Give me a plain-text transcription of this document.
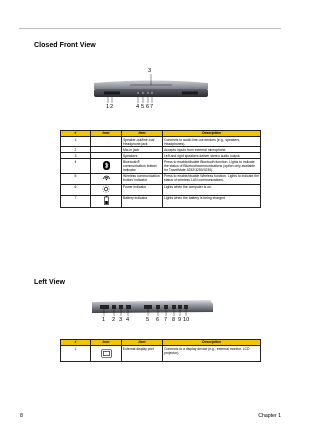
Closed Front View
3
1 2	4 5 6 7
#	Icon	Item	Description
1		Speaker-out/line-out/ Headphone jack	Connects to audio line-out devices (e.g., speakers, Headphones).
2		Mic-in jack	Accepts inputs from external microphone.
3		Speakers	Left and right speakers deliver stereo audio output.
4		Bluetooth® communication button/ indicator	Press to enable/disable Bluetooth function. Lights to indicate the status of Bluetoothcommunications (option only available for TravelMate 3252/3250/3230).
5		Wireless communication button/ indicator	Press to enable/disable Wireless function. Lights to indicate the status of wireless LAN communications.
6		Power indicator	Lights when the computer is on.
7		Battery indicator	Lights when the battery is being charged
Left View
1 2 3 4	5 6 7 8 9 10
#	Icon	Item	Description
1		External display port	Connects to a display device (e.g., external monitor, LCD projector).
8	Chapter 1
